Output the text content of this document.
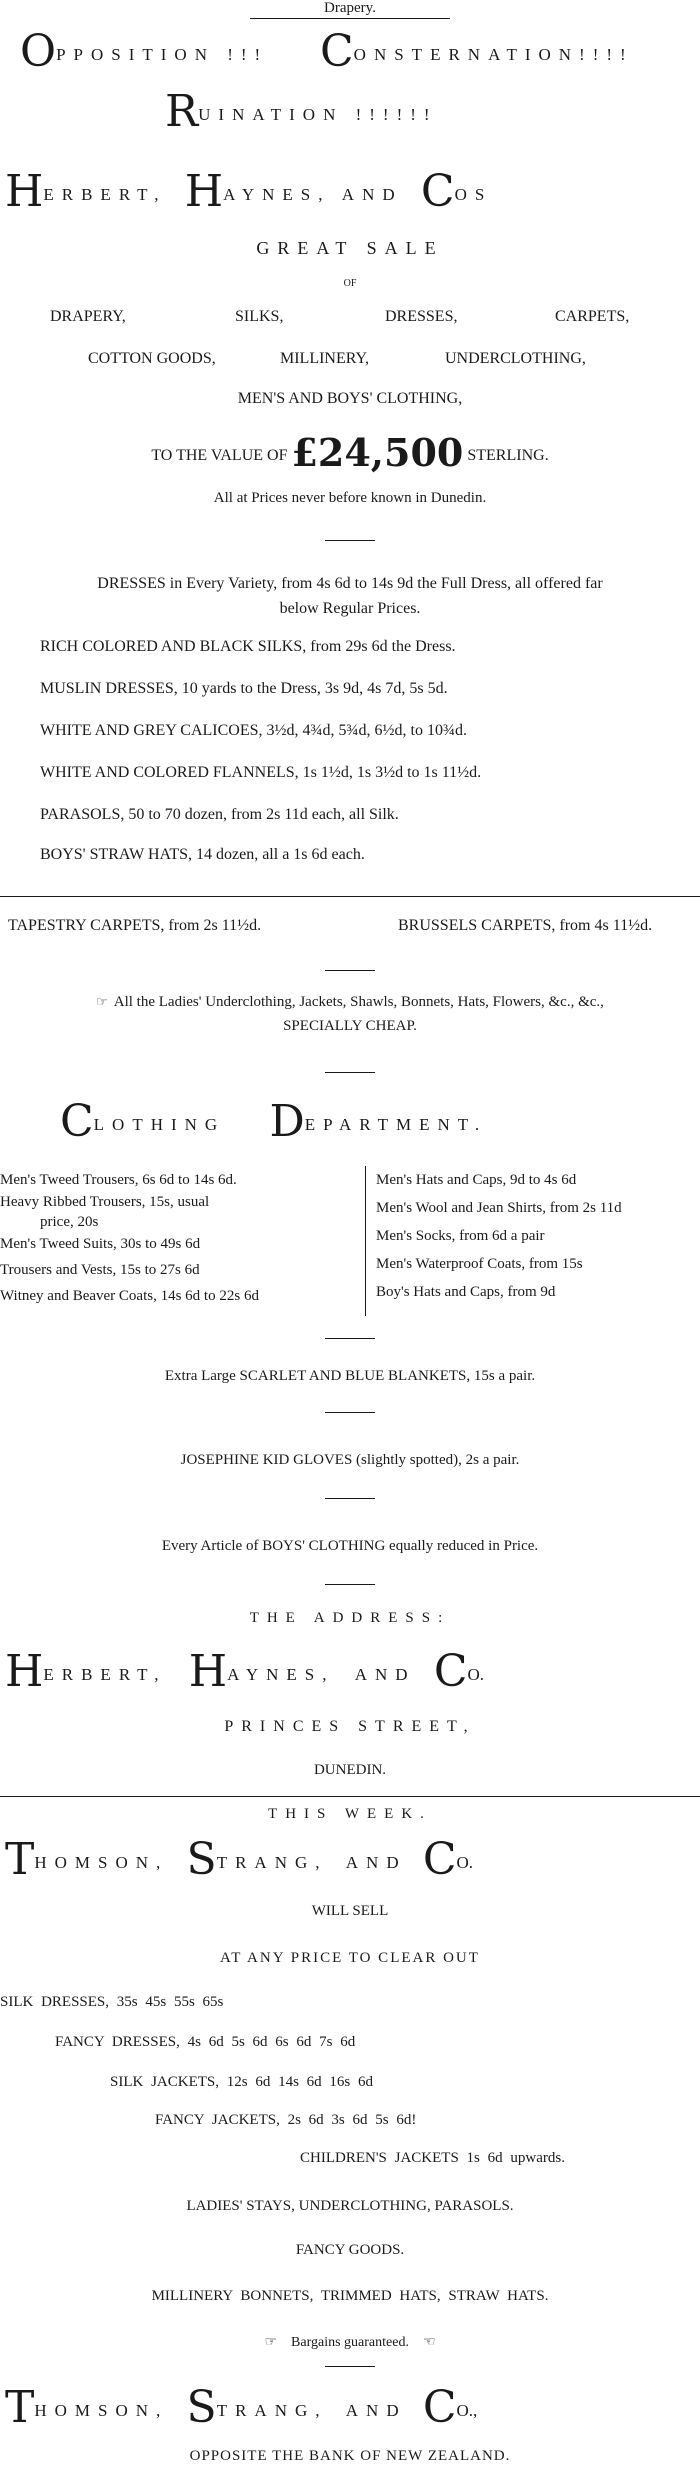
Drapery.
OPPOSITION !!! CONSTERNATION!!!!
RUINATION !!!!!!
HERBERT, HAYNES, AND COS
GREAT SALE
OF
DRAPERY,	SILKS,	DRESSES,	CARPETS,
COTTON GOODS,	MILLINERY,	UNDERCLOTHING,
MEN'S AND BOYS' CLOTHING,
TO THE VALUE OF £24,500 STERLING.
All at Prices never before known in Dunedin.
DRESSES in Every Variety, from 4s 6d to 14s 9d the Full Dress, all offered far
below Regular Prices.
RICH COLORED AND BLACK SILKS, from 29s 6d the Dress.
MUSLIN DRESSES, 10 yards to the Dress, 3s 9d, 4s 7d, 5s 5d.
WHITE AND GREY CALICOES, 3½d, 4¾d, 5¾d, 6½d, to 10¾d.
WHITE AND COLORED FLANNELS, 1s 1½d, 1s 3½d to 1s 11½d.
PARASOLS, 50 to 70 dozen, from 2s 11d each, all Silk.
BOYS' STRAW HATS, 14 dozen, all a 1s 6d each.
TAPESTRY CARPETS, from 2s 11½d.	BRUSSELS CARPETS, from 4s 11½d.
☞ All the Ladies' Underclothing, Jackets, Shawls, Bonnets, Hats, Flowers, &c., &c.,
SPECIALLY CHEAP.
CLOTHING DEPARTMENT.
Men's Tweed Trousers, 6s 6d to 14s 6d.
Heavy Ribbed Trousers, 15s, usual
price, 20s
Men's Tweed Suits, 30s to 49s 6d
Trousers and Vests, 15s to 27s 6d
Witney and Beaver Coats, 14s 6d to 22s 6d
Men's Hats and Caps, 9d to 4s 6d
Men's Wool and Jean Shirts, from 2s 11d
Men's Socks, from 6d a pair
Men's Waterproof Coats, from 15s
Boy's Hats and Caps, from 9d
Extra Large SCARLET AND BLUE BLANKETS, 15s a pair.
JOSEPHINE KID GLOVES (slightly spotted), 2s a pair.
Every Article of BOYS' CLOTHING equally reduced in Price.
THE ADDRESS:
HERBERT, HAYNES, AND CO.
PRINCES STREET,
DUNEDIN.
THIS WEEK.
THOMSON, STRANG, AND CO.
WILL SELL
AT ANY PRICE TO CLEAR OUT
SILK DRESSES, 35s 45s 55s 65s
FANCY DRESSES, 4s 6d 5s 6d 6s 6d 7s 6d
SILK JACKETS, 12s 6d 14s 6d 16s 6d
FANCY JACKETS, 2s 6d 3s 6d 5s 6d!
CHILDREN'S JACKETS 1s 6d upwards.
LADIES' STAYS, UNDERCLOTHING, PARASOLS.
FANCY GOODS.
MILLINERY BONNETS, TRIMMED HATS, STRAW HATS.
☞ Bargains guaranteed. ☜
THOMSON, STRANG, AND CO.,
OPPOSITE THE BANK OF NEW ZEALAND.
